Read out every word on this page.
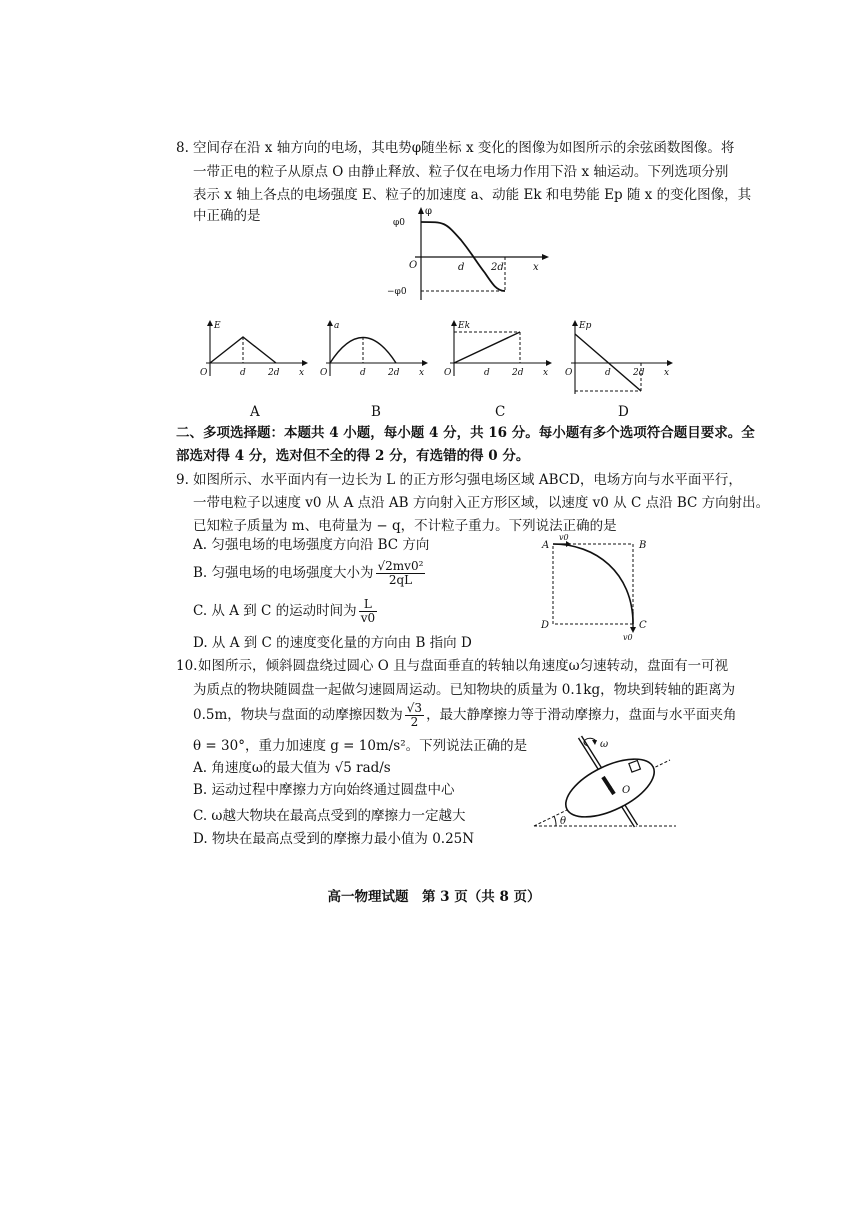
8. 空间存在沿 x 轴方向的电场，其电势φ随坐标 x 变化的图像为如图所示的余弦函数图像。将
一带正电的粒子从原点 O 由静止释放、粒子仅在电场力作用下沿 x 轴运动。下列选项分别
表示 x 轴上各点的电场强度 E、粒子的加速度 a、动能 Ek 和电势能 Ep 随 x 的变化图像，其
中正确的是	φ
φ0
−φ0
O	d	2d	x
E
O	d 2d x
A
a
O	d 2d x
B
Ek
O	d 2d x
C
Ep
O	d 2d x
D
二、多项选择题：本题共 4 小题，每小题 4 分，共 16 分。每小题有多个选项符合题目要求。全
部选对得 4 分，选对但不全的得 2 分，有选错的得 0 分。
9. 如图所示、水平面内有一边长为 L 的正方形匀强电场区域 ABCD，电场方向与水平面平行，
一带电粒子以速度 v0 从 A 点沿 AB 方向射入正方形区域，以速度 v0 从 C 点沿 BC 方向射出。
已知粒子质量为 m、电荷量为 − q，不计粒子重力。下列说法正确的是
A. 匀强电场的电场强度方向沿 BC 方向
B. 匀强电场的电场强度大小为 $\frac{\text{√2mv0²}}{2qL}$
C. 从 A 到 C 的运动时间为 $\frac{L}{v0}$
D. 从 A 到 C 的速度变化量的方向由 B 指向 D
A
v0
B
D	C
v0
10. 如图所示，倾斜圆盘绕过圆心 O 且与盘面垂直的转轴以角速度ω匀速转动，盘面有一可视
为质点的物块随圆盘一起做匀速圆周运动。已知物块的质量为 0.1kg，物块到转轴的距离为
0.5m，物块与盘面的动摩擦因数为 $\frac{√3}{2}$ ，最大静摩擦力等于滑动摩擦力，盘面与水平面夹角
θ = 30°，重力加速度 g = 10m/s²。下列说法正确的是
A. 角速度ω的最大值为 √5 rad/s
B. 运动过程中摩擦力方向始终通过圆盘中心
C. ω越大物块在最高点受到的摩擦力一定越大
D. 物块在最高点受到的摩擦力最小值为 0.25N
ω
O
θ
高一物理试题　第 3 页（共 8 页）
